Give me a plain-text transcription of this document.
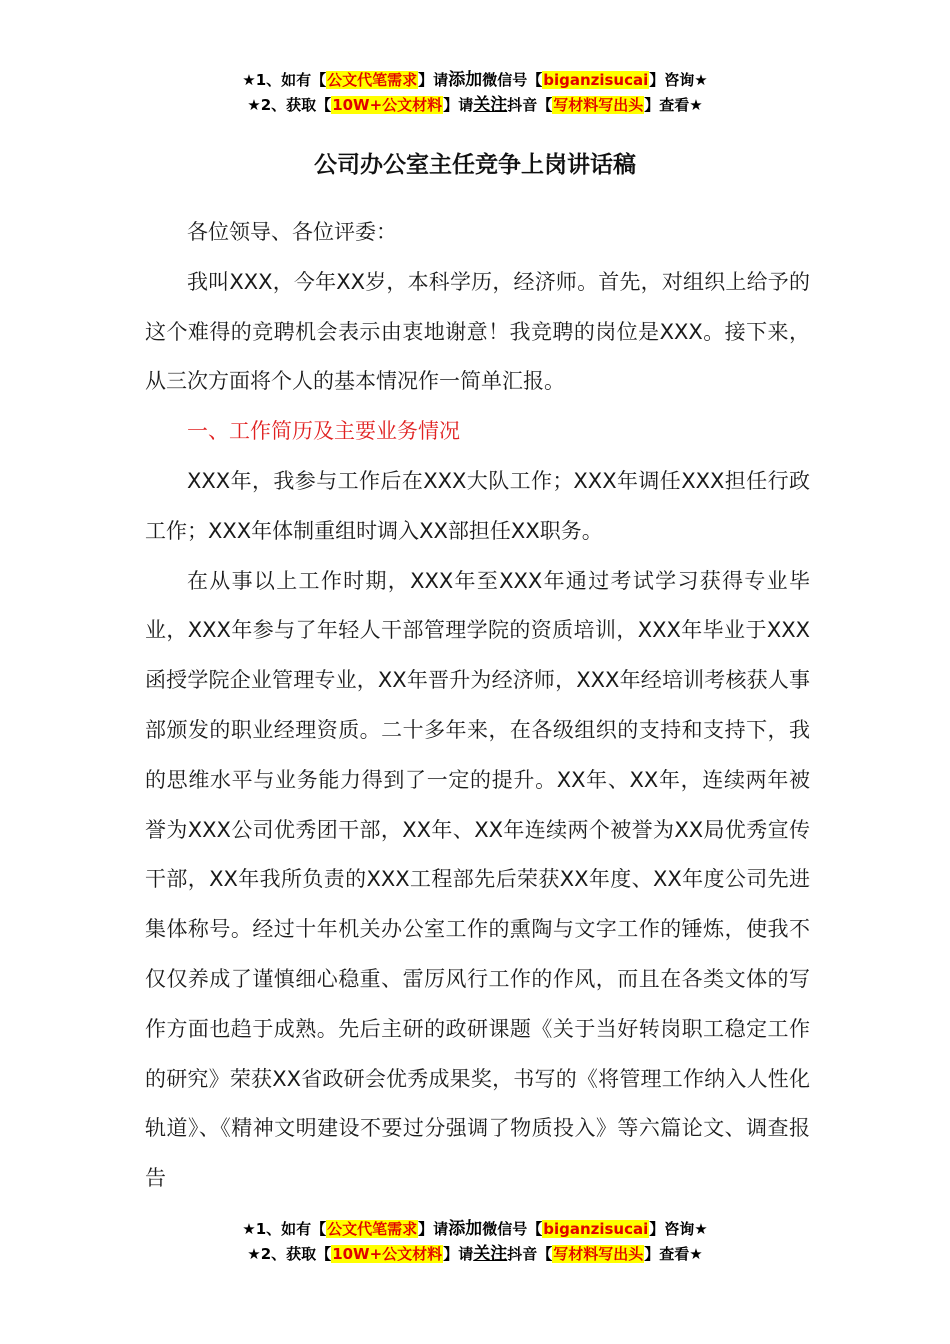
★1、如有【公文代笔需求】请添加微信号【biganzisucai】咨询★
★2、获取【10W+公文材料】请关注抖音【写材料写出头】查看★
公司办公室主任竞争上岗讲话稿

各位领导、各位评委：

我叫XXX，今年XX岁，本科学历，经济师。首先，对组织上给予的这个难得的竞聘机会表示由衷地谢意！我竞聘的岗位是XXX。接下来，从三次方面将个人的基本情况作一简单汇报。

一、工作简历及主要业务情况

XXX年，我参与工作后在XXX大队工作；XXX年调任XXX担任行政工作；XXX年体制重组时调入XX部担任XX职务。

在从事以上工作时期，XXX年至XXX年通过考试学习获得专业毕业，XXX年参与了年轻人干部管理学院的资质培训，XXX年毕业于XXX函授学院企业管理专业，XX年晋升为经济师，XXX年经培训考核获人事部颁发的职业经理资质。二十多年来，在各级组织的支持和支持下，我的思维水平与业务能力得到了一定的提升。XX年、XX年，连续两年被誉为XXX公司优秀团干部，XX年、XX年连续两个被誉为XX局优秀宣传干部，XX年我所负责的XXX工程部先后荣获XX年度、XX年度公司先进集体称号。经过十年机关办公室工作的熏陶与文字工作的锤炼，使我不仅仅养成了谨慎细心稳重、雷厉风行工作的作风，而且在各类文体的写作方面也趋于成熟。先后主研的政研课题《关于当好转岗职工稳定工作的研究》荣获XX省政研会优秀成果奖，书写的《将管理工作纳入人性化轨道》、《精神文明建设不要过分强调了物质投入》等六篇论文、调查报告

★1、如有【公文代笔需求】请添加微信号【biganzisucai】咨询★
★2、获取【10W+公文材料】请关注抖音【写材料写出头】查看★
